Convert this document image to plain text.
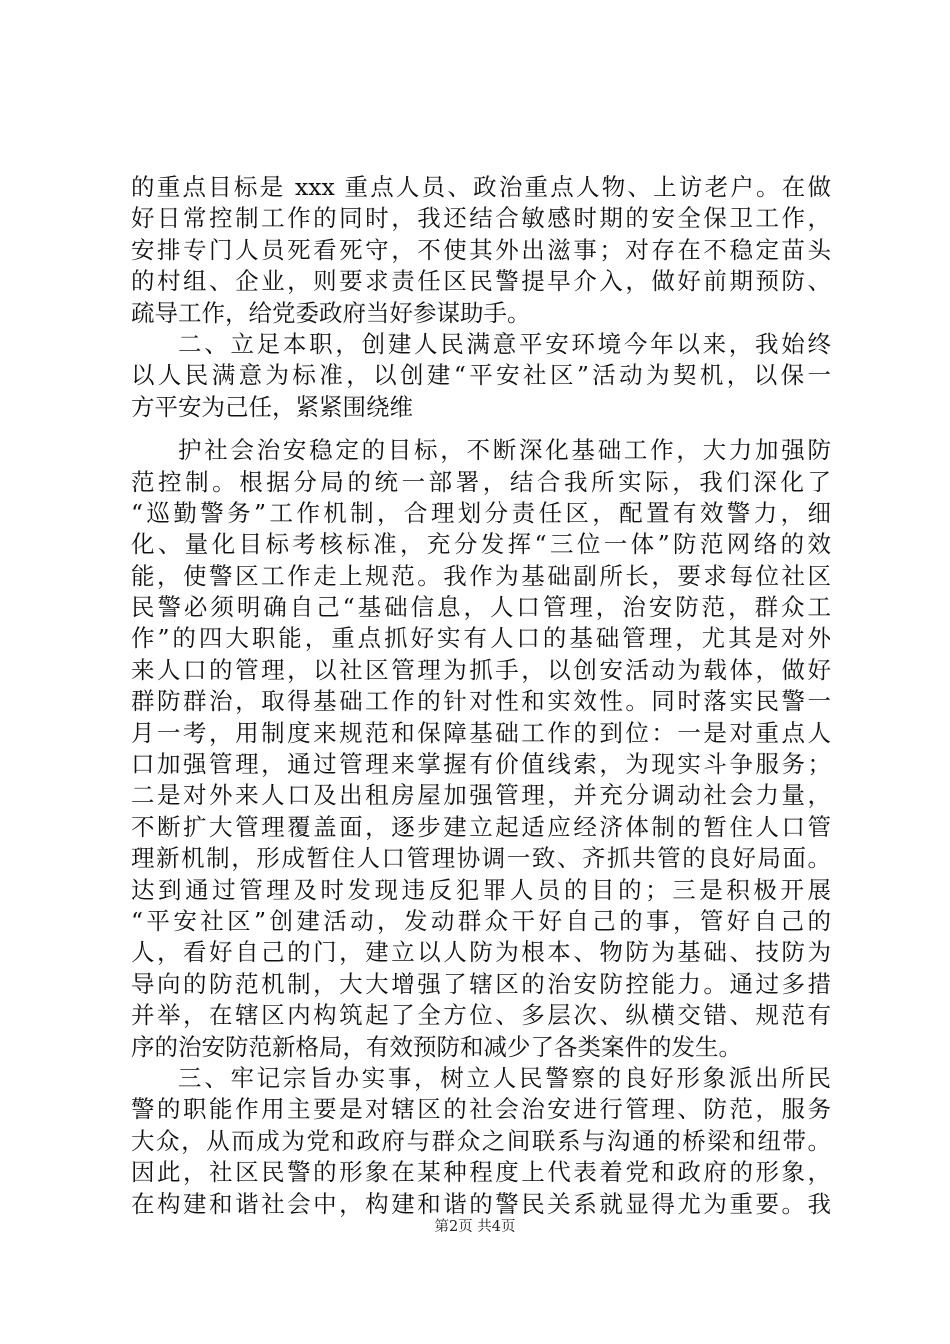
的重点目标是 xxx 重点人员、政治重点人物、上访老户。在做
好日常控制工作的同时，我还结合敏感时期的安全保卫工作，
安排专门人员死看死守，不使其外出滋事；对存在不稳定苗头
的村组、企业，则要求责任区民警提早介入，做好前期预防、
疏导工作，给党委政府当好参谋助手。
二、立足本职，创建人民满意平安环境今年以来，我始终
以人民满意为标准，以创建“平安社区”活动为契机，以保一
方平安为己任，紧紧围绕维
护社会治安稳定的目标，不断深化基础工作，大力加强防
范控制。根据分局的统一部署，结合我所实际，我们深化了
“巡勤警务”工作机制，合理划分责任区，配置有效警力，细
化、量化目标考核标准，充分发挥“三位一体”防范网络的效
能，使警区工作走上规范。我作为基础副所长，要求每位社区
民警必须明确自己“基础信息，人口管理，治安防范，群众工
作”的四大职能，重点抓好实有人口的基础管理，尤其是对外
来人口的管理，以社区管理为抓手，以创安活动为载体，做好
群防群治，取得基础工作的针对性和实效性。同时落实民警一
月一考，用制度来规范和保障基础工作的到位：一是对重点人
口加强管理，通过管理来掌握有价值线索，为现实斗争服务；
二是对外来人口及出租房屋加强管理，并充分调动社会力量，
不断扩大管理覆盖面，逐步建立起适应经济体制的暂住人口管
理新机制，形成暂住人口管理协调一致、齐抓共管的良好局面。
达到通过管理及时发现违反犯罪人员的目的；三是积极开展
“平安社区”创建活动，发动群众干好自己的事，管好自己的
人，看好自己的门，建立以人防为根本、物防为基础、技防为
导向的防范机制，大大增强了辖区的治安防控能力。通过多措
并举，在辖区内构筑起了全方位、多层次、纵横交错、规范有
序的治安防范新格局，有效预防和减少了各类案件的发生。
三、牢记宗旨办实事，树立人民警察的良好形象派出所民
警的职能作用主要是对辖区的社会治安进行管理、防范，服务
大众，从而成为党和政府与群众之间联系与沟通的桥梁和纽带。
因此，社区民警的形象在某种程度上代表着党和政府的形象，
在构建和谐社会中，构建和谐的警民关系就显得尤为重要。我
第2页 共4页
